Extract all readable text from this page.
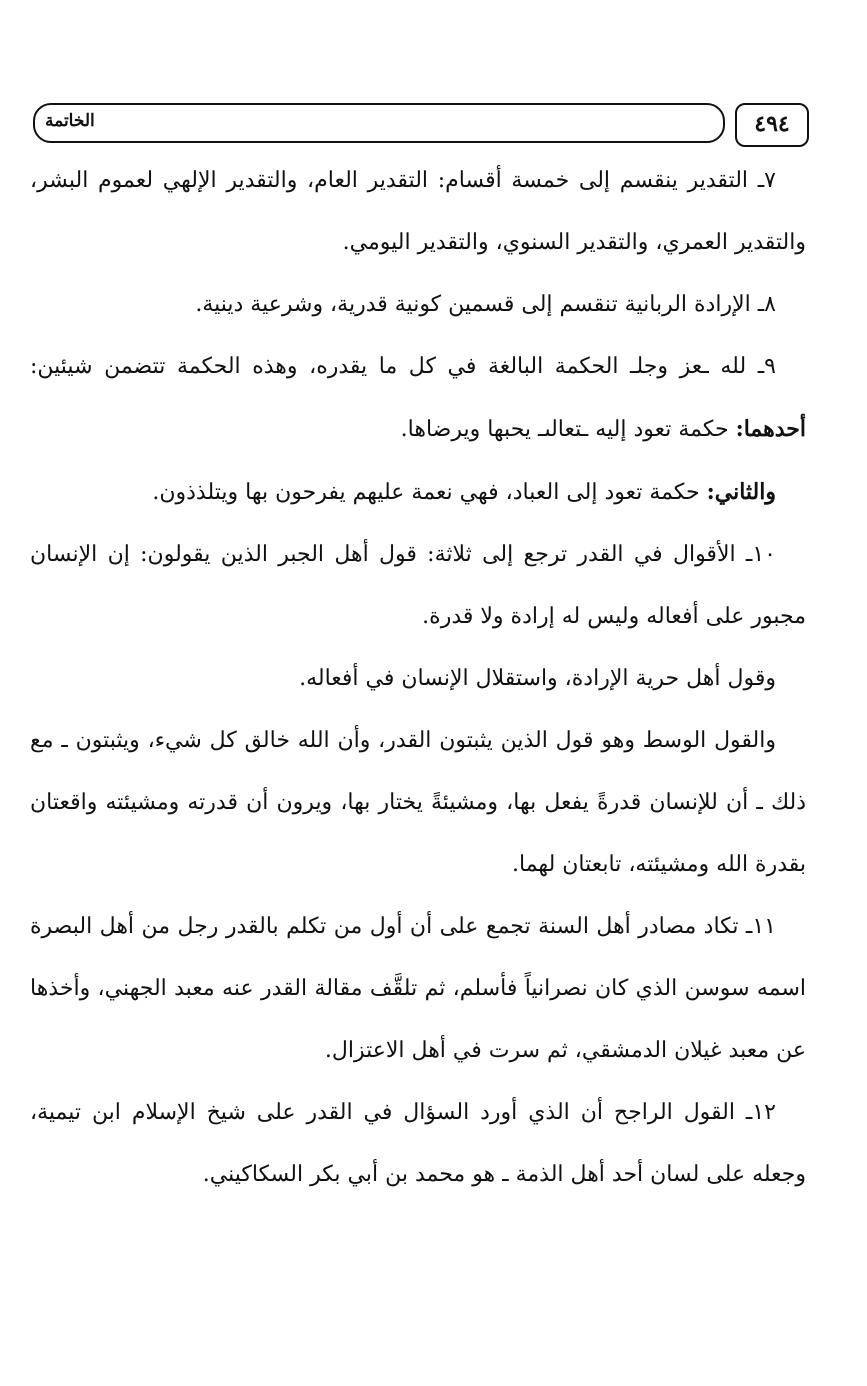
الخاتمة	٤٩٤

٧ـ التقدير ينقسم إلى خمسة أقسام: التقدير العام، والتقدير الإلهي لعموم البشر، والتقدير العمري، والتقدير السنوي، والتقدير اليومي.

٨ـ الإرادة الربانية تنقسم إلى قسمين كونية قدرية، وشرعية دينية.

٩ـ لله ـعز وجلـ الحكمة البالغة في كل ما يقدره، وهذه الحكمة تتضمن شيئين: أحدهما: حكمة تعود إليه ـتعالىـ يحبها ويرضاها.

والثاني: حكمة تعود إلى العباد، فهي نعمة عليهم يفرحون بها ويتلذذون.

١٠ـ الأقوال في القدر ترجع إلى ثلاثة: قول أهل الجبر الذين يقولون: إن الإنسان مجبور على أفعاله وليس له إرادة ولا قدرة.

وقول أهل حرية الإرادة، واستقلال الإنسان في أفعاله.

والقول الوسط وهو قول الذين يثبتون القدر، وأن الله خالق كل شيء، ويثبتون ـ مع ذلك ـ أن للإنسان قدرةً يفعل بها، ومشيئةً يختار بها، ويرون أن قدرته ومشيئته واقعتان بقدرة الله ومشيئته، تابعتان لهما.

١١ـ تكاد مصادر أهل السنة تجمع على أن أول من تكلم بالقدر رجل من أهل البصرة اسمه سوسن الذي كان نصرانياً فأسلم، ثم تلقَّف مقالة القدر عنه معبد الجهني، وأخذها عن معبد غيلان الدمشقي، ثم سرت في أهل الاعتزال.

١٢ـ القول الراجح أن الذي أورد السؤال في القدر على شيخ الإسلام ابن تيمية، وجعله على لسان أحد أهل الذمة ـ هو محمد بن أبي بكر السكاكيني.
